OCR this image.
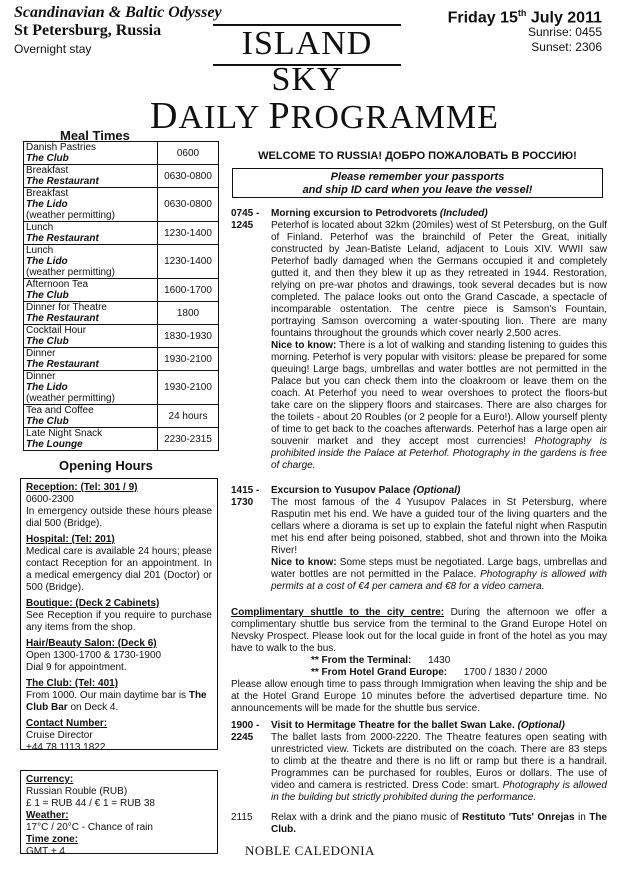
Scandinavian & Baltic Odyssey
St Petersburg, Russia
Overnight stay	ISLAND SKY
Friday 15th July 2011
Sunrise: 0455
Sunset: 2306
DAILY PROGRAMME
Meal Times
Danish Pastries
The Club	0600

Breakfast
The Restaurant	0630-0800

Breakfast
The Lido
(weather permitting)	0630-0800

Lunch
The Restaurant	1230-1400

Lunch
The Lido
(weather permitting)	1230-1400

Afternoon Tea
The Club	1600-1700

Dinner for Theatre
The Restaurant	1800

Cocktail Hour
The Club	1830-1930

Dinner
The Restaurant	1930-2100

Dinner
The Lido
(weather permitting)	1930-2100

Tea and Coffee
The Club	24 hours

Late Night Snack
The Lounge	2230-2315
Opening Hours
Reception: (Tel: 301 / 9)
0600-2300
In emergency outside these hours please dial 500 (Bridge).
Hospital: (Tel: 201)
Medical care is available 24 hours; please contact Reception for an appointment. In a medical emergency dial 201 (Doctor) or 500 (Bridge).
Boutique: (Deck 2 Cabinets)
See Reception if you require to purchase any items from the shop.
Hair/Beauty Salon: (Deck 6)
Open 1300-1700 & 1730-1900
Dial 9 for appointment.
The Club: (Tel: 401)
From 1000. Our main daytime bar is The Club Bar on Deck 4.
Contact Number:
Cruise Director
+44 78 1113 1822
Currency:
Russian Rouble (RUB)
£ 1 = RUB 44 / € 1 = RUB 38
Weather:
17°C / 20°C - Chance of rain
Time zone:
GMT + 4
WELCOME TO RUSSIA! ДОБРО ПОЖАЛОВАТЬ В РОССИЮ!
Please remember your passports
and ship ID card when you leave the vessel!
0745 -
1245
Morning excursion to Petrodvorets (Included)
Peterhof is located about 32km (20miles) west of St Petersburg, on the Gulf of Finland. Peterhof was the brainchild of Peter the Great, initially constructed by Jean-Batiste Leland, adjacent to Louis XIV. WWII saw Peterhof badly damaged when the Germans occupied it and completely gutted it, and then they blew it up as they retreated in 1944. Restoration, relying on pre-war photos and drawings, took several decades but is now completed. The palace looks out onto the Grand Cascade, a spectacle of incomparable ostentation. The centre piece is Samson's Fountain, portraying Samson overcoming a water-spouting lion. There are many fountains throughout the grounds which cover nearly 2,500 acres.
Nice to know: There is a lot of walking and standing listening to guides this morning. Peterhof is very popular with visitors: please be prepared for some queuing! Large bags, umbrellas and water bottles are not permitted in the Palace but you can check them into the cloakroom or leave them on the coach. At Peterhof you need to wear overshoes to protect the floors-but take care on the slippery floors and staircases. There are also charges for the toilets - about 20 Roubles (or 2 people for a Euro!). Allow yourself plenty of time to get back to the coaches afterwards. Peterhof has a large open air souvenir market and they accept most currencies! Photography is prohibited inside the Palace at Peterhof. Photography in the gardens is free of charge.
1415 -
1730
Excursion to Yusupov Palace (Optional)
The most famous of the 4 Yusupov Palaces in St Petersburg, where Rasputin met his end. We have a guided tour of the living quarters and the cellars where a diorama is set up to explain the fateful night when Rasputin met his end after being poisoned, stabbed, shot and thrown into the Moika River!
Nice to know: Some steps must be negotiated. Large bags, umbrellas and water bottles are not permitted in the Palace. Photography is allowed with permits at a cost of €4 per camera and €8 for a video camera.
Complimentary shuttle to the city centre: During the afternoon we offer a complimentary shuttle bus service from the terminal to the Grand Europe Hotel on Nevsky Prospect. Please look out for the local guide in front of the hotel as you may have to walk to the bus.
** From the Terminal: 1430
** From Hotel Grand Europe: 1700 / 1830 / 2000
Please allow enough time to pass through Immigration when leaving the ship and be at the Hotel Grand Europe 10 minutes before the advertised departure time. No announcements will be made for the shuttle bus service.
1900 -
2245
Visit to Hermitage Theatre for the ballet Swan Lake. (Optional)
The ballet lasts from 2000-2220. The Theatre features open seating with unrestricted view. Tickets are distributed on the coach. There are 83 steps to climb at the theatre and there is no lift or ramp but there is a handrail. Programmes can be purchased for roubles, Euros or dollars. The use of video and camera is restricted. Dress Code: smart. Photography is allowed in the building but strictly prohibited during the performance.
2115	Relax with a drink and the piano music of Restituto 'Tuts' Onrejas in The Club.
NOBLE CALEDONIA
